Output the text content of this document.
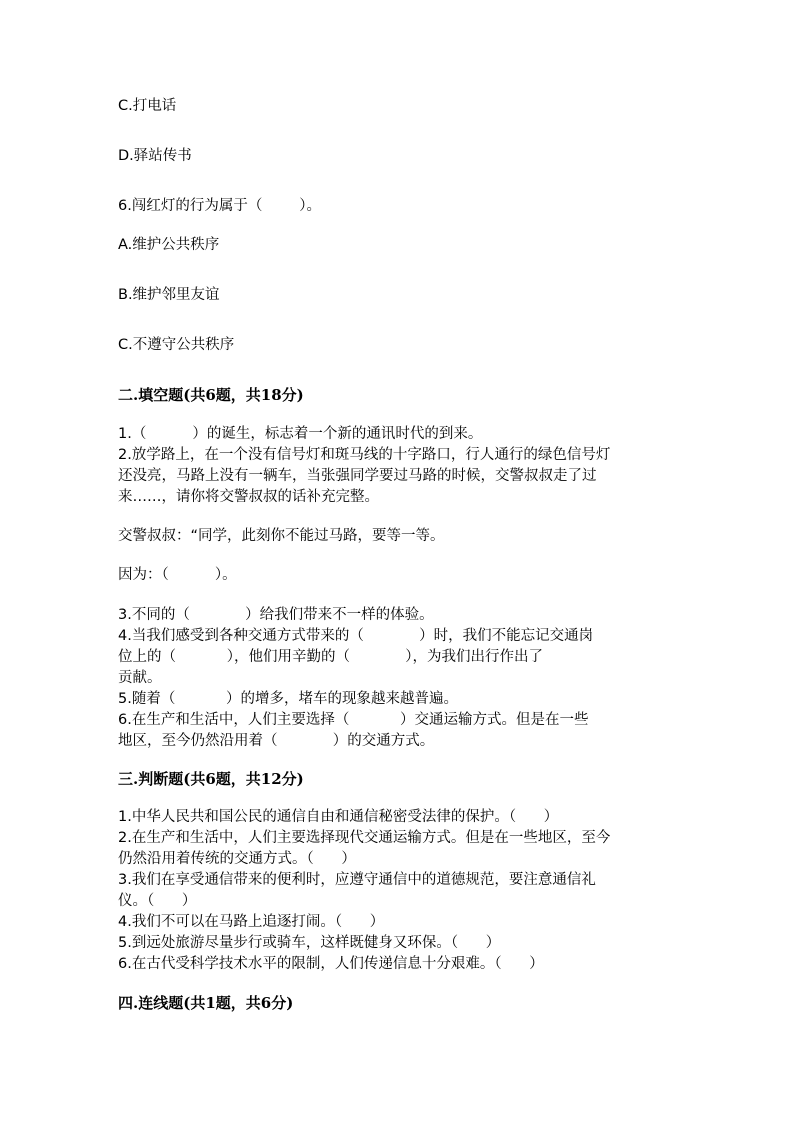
C.打电话
D.驿站传书
6.闯红灯的行为属于（        ）。
A.维护公共秩序
B.维护邻里友谊
C.不遵守公共秩序
二.填空题(共6题，共18分)
1.（          ）的诞生，标志着一个新的通讯时代的到来。
2.放学路上，在一个没有信号灯和斑马线的十字路口，行人通行的绿色信号灯
还没亮，马路上没有一辆车，当张强同学要过马路的时候，交警叔叔走了过
来……，请你将交警叔叔的话补充完整。
交警叔叔：“同学，此刻你不能过马路，要等一等。
因为：（          ）。
3.不同的（            ）给我们带来不一样的体验。
4.当我们感受到各种交通方式带来的（            ）时，我们不能忘记交通岗
位上的（           ），他们用辛勤的（            ），为我们出行作出了
贡献。
5.随着（           ）的增多，堵车的现象越来越普遍。
6.在生产和生活中，人们主要选择（           ）交通运输方式。但是在一些
地区，至今仍然沿用着（            ）的交通方式。
三.判断题(共6题，共12分)
1.中华人民共和国公民的通信自由和通信秘密受法律的保护。（      ）
2.在生产和生活中，人们主要选择现代交通运输方式。但是在一些地区，至今
仍然沿用着传统的交通方式。（      ）
3.我们在享受通信带来的便利时，应遵守通信中的道德规范，要注意通信礼
仪。（      ）
4.我们不可以在马路上追逐打闹。（      ）
5.到远处旅游尽量步行或骑车，这样既健身又环保。（      ）
6.在古代受科学技术水平的限制，人们传递信息十分艰难。（      ）
四.连线题(共1题，共6分)
